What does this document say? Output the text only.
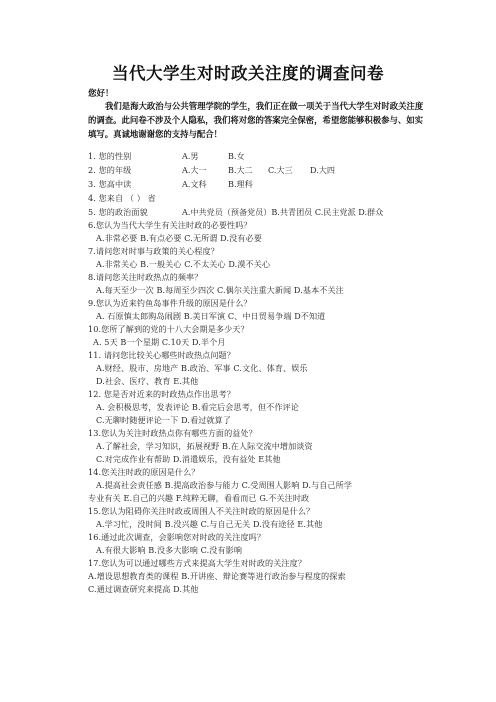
当代大学生对时政关注度的调查问卷
您好！
我们是海大政治与公共管理学院的学生，我们正在做一项关于当代大学生对时政关注度的调查。此问卷不涉及个人隐私，我们将对您的答案完全保密，希望您能够积极参与、如实填写。真诚地谢谢您的支持与配合！
1. 您的性别	A.男	B.女
2. 您的年级	A.大一	B.大二 C.大三 D.大四
3. 您高中读	A.文科	B.理科
4. 您来自 （ ） 省
5. 您的政治面貌	A.中共党员（预备党员）B.共青团员 C.民主党派 D.群众
6.您认为当代大学生有关注时政的必要性吗？
A.非常必要 B.有点必要 C.无所谓 D.没有必要
7.请问您对时事与政策的关心程度？
A.非常关心 B.一般关心 C.不太关心 D.漠不关心
8.请问您关注时政热点的频率？
A.每天至少一次 B.每周至少四次 C.偶尔关注重大新闻 D.基本不关注
9.您认为近来钓鱼岛事件升级的原因是什么？
A. 石原慎太郎购岛闹剧 B.美日军演 C、中日贸易争端 D不知道
10.您所了解到的党的十八大会期是多少天？
A. 5天 B一个星期 C.10天 D.半个月
11. 请问您比较关心哪些时政热点问题？
A.财经、股市、房地产 B.政治、军事 C.文化、体育、娱乐
D.社会、医疗、教育 E.其他
12. 您是否对近来的时政热点作出思考？
A. 会积极思考，发表评论 B.看完后会思考，但不作评论
C.无聊时随便评论一下 D.看过就算了
13.您认为关注时政热点你有哪些方面的益处？
A.了解社会，学习知识，拓展视野 B.在人际交流中增加谈资
C.对完成作业有帮助 D.消遣娱乐，没有益处 E其他
14.您关注时政的原因是什么？
A.提高社会责任感 B.提高政治参与能力 C.受周围人影响 D.与自己所学
专业有关 E.自己的兴趣 F.纯粹无聊，看看而已 G.不关注时政
15.您认为阻碍你关注时政或周围人不关注时政的原因是什么？
A.学习忙，没时间 B.没兴趣 C.与自己无关 D.没有途径 E.其他
16.通过此次调查，会影响您对时政的关注度吗？
A.有很大影响 B.没多大影响 C.没有影响
17.您认为可以通过哪些方式来提高大学生对时政的关注度？
A.增设思想教育类的课程 B.开讲座、辩论赛等进行政治参与程度的探索
C.通过调查研究来提高 D.其他
